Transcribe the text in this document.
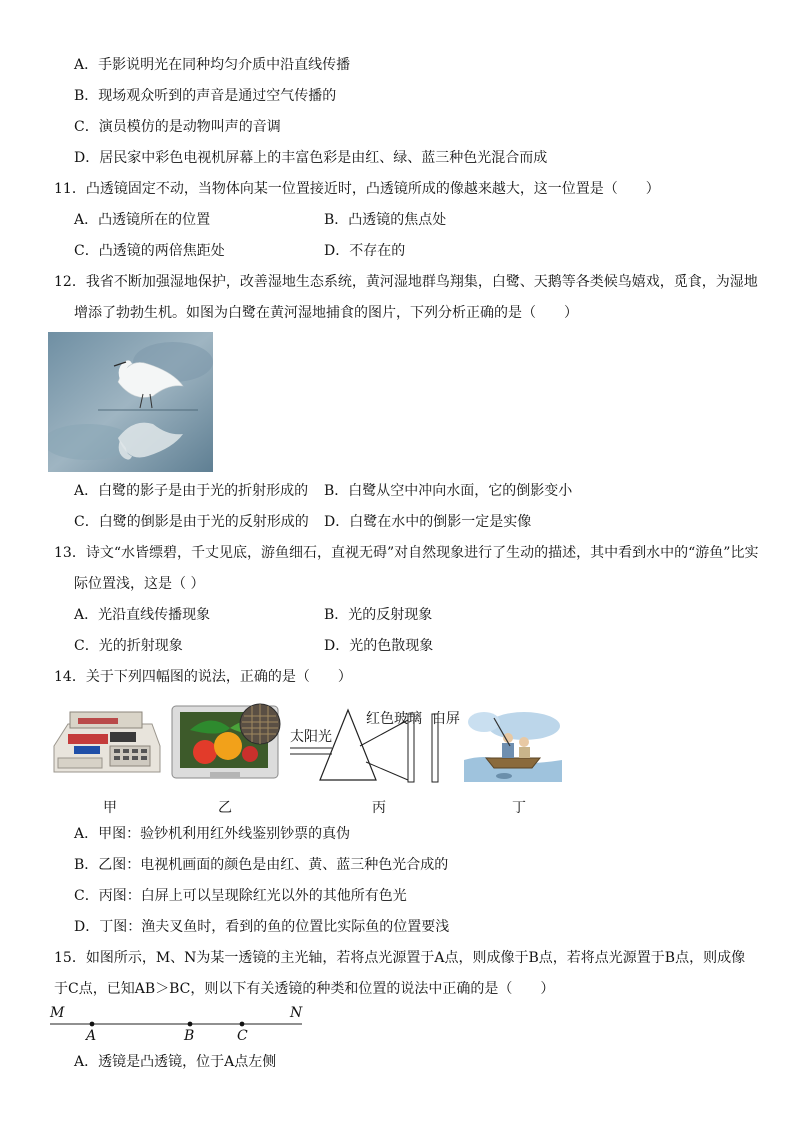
A．手影说明光在同种均匀介质中沿直线传播
B．现场观众听到的声音是通过空气传播的
C．演员模仿的是动物叫声的音调
D．居民家中彩色电视机屏幕上的丰富色彩是由红、绿、蓝三种色光混合而成
11．凸透镜固定不动，当物体向某一位置接近时，凸透镜所成的像越来越大，这一位置是（　　）
A．凸透镜所在的位置	B．凸透镜的焦点处
C．凸透镜的两倍焦距处	D．不存在的
12．我省不断加强湿地保护，改善湿地生态系统，黄河湿地群鸟翔集，白鹭、天鹅等各类候鸟嬉戏，觅食，为湿地
增添了勃勃生机。如图为白鹭在黄河湿地捕食的图片，下列分析正确的是（　　）
A．白鹭的影子是由于光的折射形成的 B．白鹭从空中冲向水面，它的倒影变小
C．白鹭的倒影是由于光的反射形成的 D．白鹭在水中的倒影一定是实像
13．诗文“水皆缥碧，千丈见底，游鱼细石，直视无碍”对自然现象进行了生动的描述，其中看到水中的“游鱼”比实
际位置浅，这是（ ）
A．光沿直线传播现象	B．光的反射现象
C．光的折射现象	D．光的色散现象
14．关于下列四幅图的说法，正确的是（　　）
太阳光
红色玻璃 白屏
甲	乙	丙	丁
A．甲图：验钞机利用红外线鉴别钞票的真伪
B．乙图：电视机画面的颜色是由红、黄、蓝三种色光合成的
C．丙图：白屏上可以呈现除红光以外的其他所有色光
D．丁图：渔夫叉鱼时，看到的鱼的位置比实际鱼的位置要浅
15．如图所示，M、N为某一透镜的主光轴，若将点光源置于A点，则成像于B点，若将点光源置于B点，则成像
于C点，已知AB＞BC，则以下有关透镜的种类和位置的说法中正确的是（　　）
M	N
A	B	C
A．透镜是凸透镜，位于A点左侧
